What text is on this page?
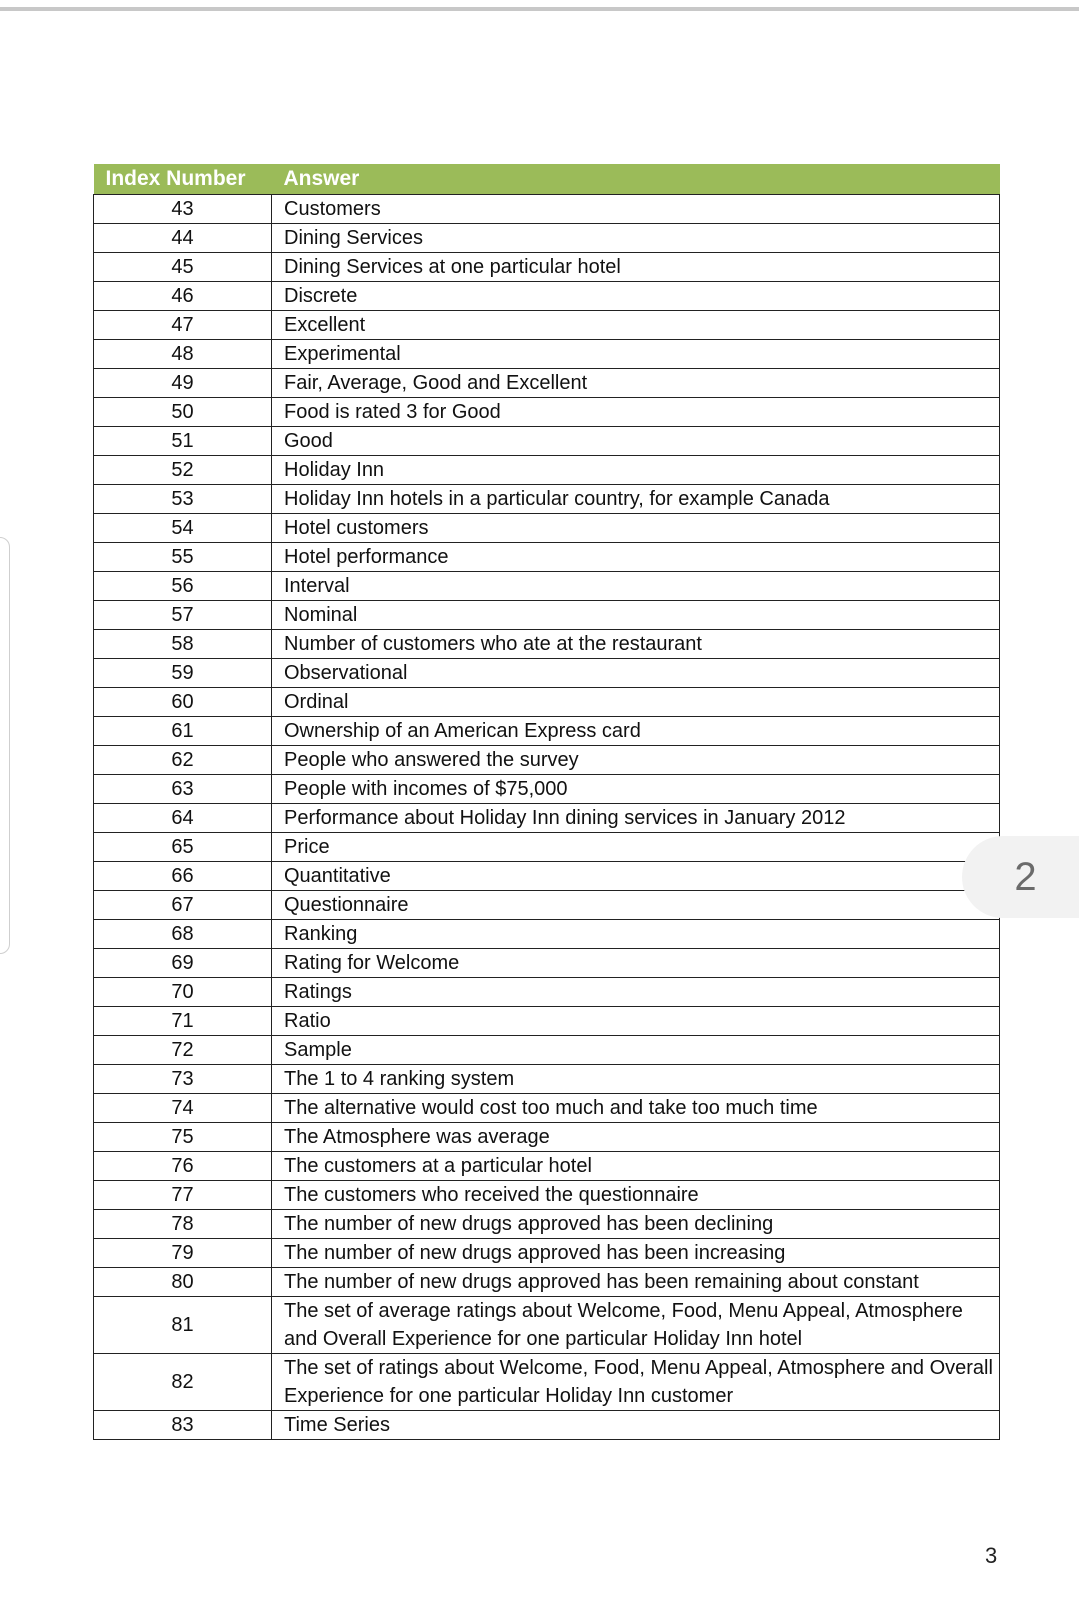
Index Number	Answer
43	Customers
44	Dining Services
45	Dining Services at one particular hotel
46	Discrete
47	Excellent
48	Experimental
49	Fair, Average, Good and Excellent
50	Food is rated 3 for Good
51	Good
52	Holiday Inn
53	Holiday Inn hotels in a particular country, for example Canada
54	Hotel customers
55	Hotel performance
56	Interval
57	Nominal
58	Number of customers who ate at the restaurant
59	Observational
60	Ordinal
61	Ownership of an American Express card
62	People who answered the survey
63	People with incomes of $75,000
64	Performance about Holiday Inn dining services in January 2012
65	Price
66	Quantitative
67	Questionnaire
68	Ranking
69	Rating for Welcome
70	Ratings
71	Ratio
72	Sample
73	The 1 to 4 ranking system
74	The alternative would cost too much and take too much time
75	The Atmosphere was average
76	The customers at a particular hotel
77	The customers who received the questionnaire
78	The number of new drugs approved has been declining
79	The number of new drugs approved has been increasing
80	The number of new drugs approved has been remaining about constant
81	The set of average ratings about Welcome, Food, Menu Appeal, Atmosphere and Overall Experience for one particular Holiday Inn hotel
82	The set of ratings about Welcome, Food, Menu Appeal, Atmosphere and Overall Experience for one particular Holiday Inn customer
83	Time Series
2
3
